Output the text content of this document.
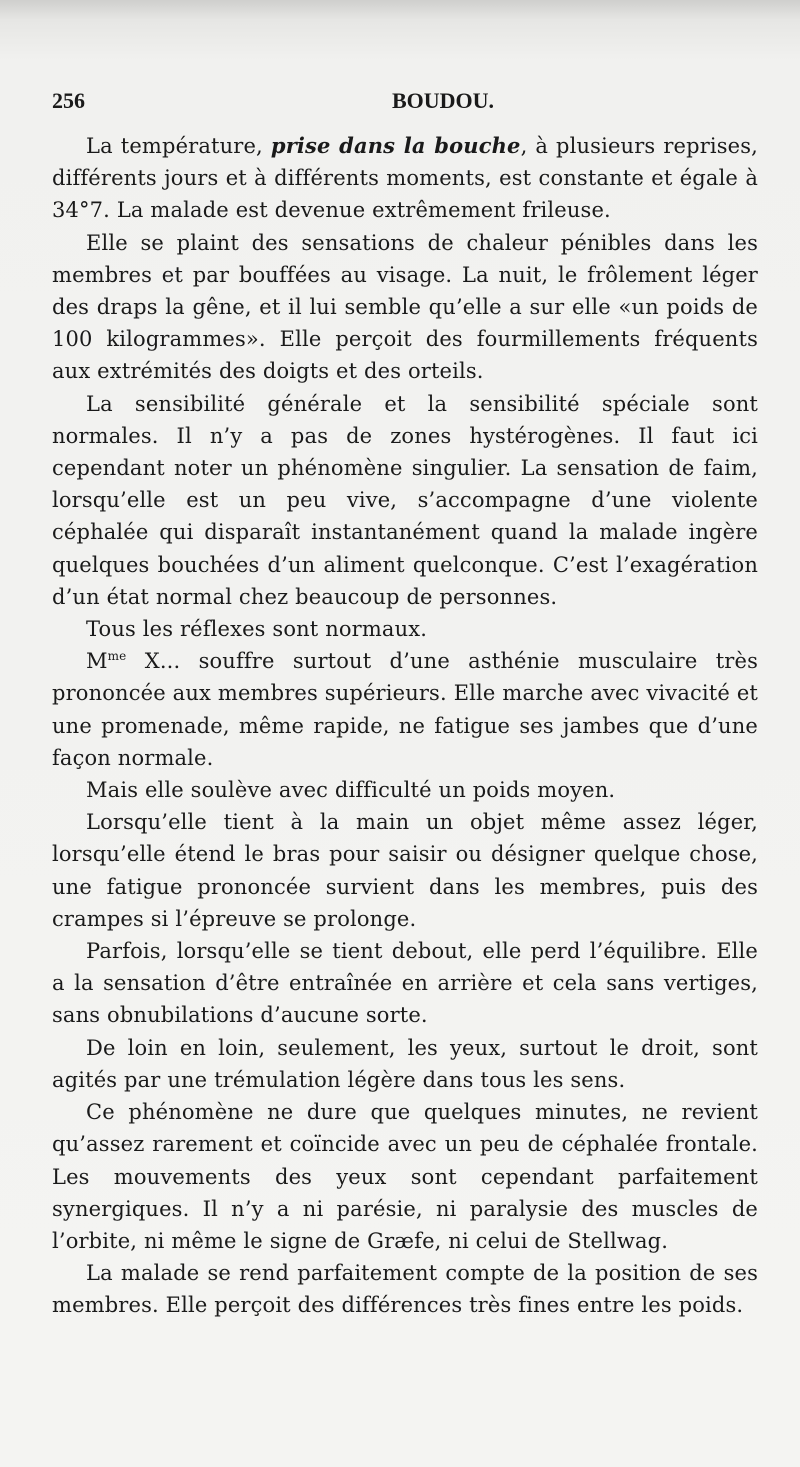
256	BOUDOU.

La température, prise dans la bouche, à plusieurs reprises, différents jours et à différents moments, est constante et égale à 34°7. La malade est devenue extrêmement frileuse.

Elle se plaint des sensations de chaleur pénibles dans les membres et par bouffées au visage. La nuit, le frôlement léger des draps la gêne, et il lui semble qu’elle a sur elle «un poids de 100 kilogrammes». Elle perçoit des fourmillements fréquents aux extrémités des doigts et des orteils.

La sensibilité générale et la sensibilité spéciale sont normales. Il n’y a pas de zones hystérogènes. Il faut ici cependant noter un phénomène singulier. La sensation de faim, lorsqu’elle est un peu vive, s’accompagne d’une violente céphalée qui disparaît instantanément quand la malade ingère quelques bouchées d’un aliment quelconque. C’est l’exagération d’un état normal chez beaucoup de personnes.

Tous les réflexes sont normaux.

$M^{me}$ X... souffre surtout d’une asthénie musculaire très prononcée aux membres supérieurs. Elle marche avec vivacité et une promenade, même rapide, ne fatigue ses jambes que d’une façon normale.

Mais elle soulève avec difficulté un poids moyen.

Lorsqu’elle tient à la main un objet même assez léger, lorsqu’elle étend le bras pour saisir ou désigner quelque chose, une fatigue prononcée survient dans les membres, puis des crampes si l’épreuve se prolonge.

Parfois, lorsqu’elle se tient debout, elle perd l’équilibre. Elle a la sensation d’être entraînée en arrière et cela sans vertiges, sans obnubilations d’aucune sorte.

De loin en loin, seulement, les yeux, surtout le droit, sont agités par une trémulation légère dans tous les sens.

Ce phénomène ne dure que quelques minutes, ne revient qu’assez rarement et coïncide avec un peu de céphalée frontale. Les mouvements des yeux sont cependant parfaitement synergiques. Il n’y a ni parésie, ni paralysie des muscles de l’orbite, ni même le signe de Græfe, ni celui de Stellwag.

La malade se rend parfaitement compte de la position de ses membres. Elle perçoit des différences très fines entre les poids.
